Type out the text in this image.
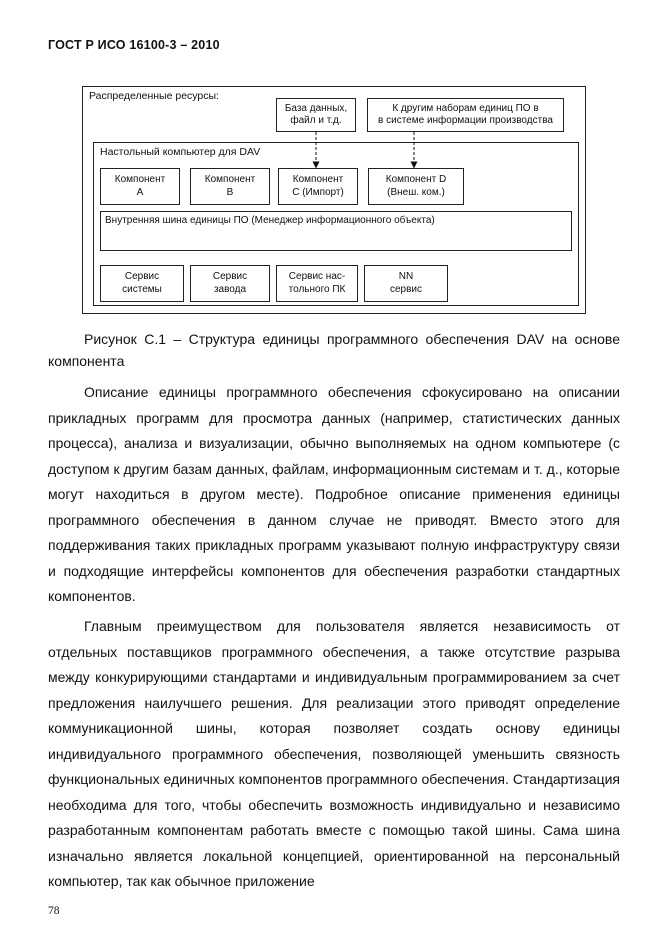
ГОСТ Р ИСО 16100-3 – 2010
Распределенные ресурсы:
База данных,
файл и т.д.
К другим наборам единиц ПО в
в системе информации производства
Настольный компьютер для DAV
Компонент
A
Компонент
B
Компонент
C (Импорт)
Компонент D
(Внеш. ком.)
Внутренняя шина единицы ПО (Менеджер информационного объекта)
Сервис
системы
Сервис
завода
Сервис нас-
тольного ПК
NN
сервис
Рисунок С.1 – Структура единицы программного обеспечения DAV на основе компонента
Описание единицы программного обеспечения сфокусировано на описании прикладных программ для просмотра данных (например, статистических данных процесса), анализа и визуализации, обычно выполняемых на одном компьютере (с доступом к другим базам данных, файлам, информационным системам и т. д., которые могут находиться в другом месте). Подробное описание применения единицы программного обеспечения в данном случае не приводят. Вместо этого для поддерживания таких прикладных программ указывают полную инфраструктуру связи и подходящие интерфейсы компонентов для обеспечения разработки стандартных компонентов.
Главным преимуществом для пользователя является независимость от отдельных поставщиков программного обеспечения, а также отсутствие разрыва между конкурирующими стандартами и индивидуальным программированием за счет предложения наилучшего решения. Для реализации этого приводят определение коммуникационной шины, которая позволяет создать основу единицы индивидуального программного обеспечения, позволяющей уменьшить связность функциональных единичных компонентов программного обеспечения. Стандартизация необходима для того, чтобы обеспечить возможность индивидуально и независимо разработанным компонентам работать вместе с помощью такой шины. Сама шина изначально является локальной концепцией, ориентированной на персональный компьютер, так как обычное приложение
78
